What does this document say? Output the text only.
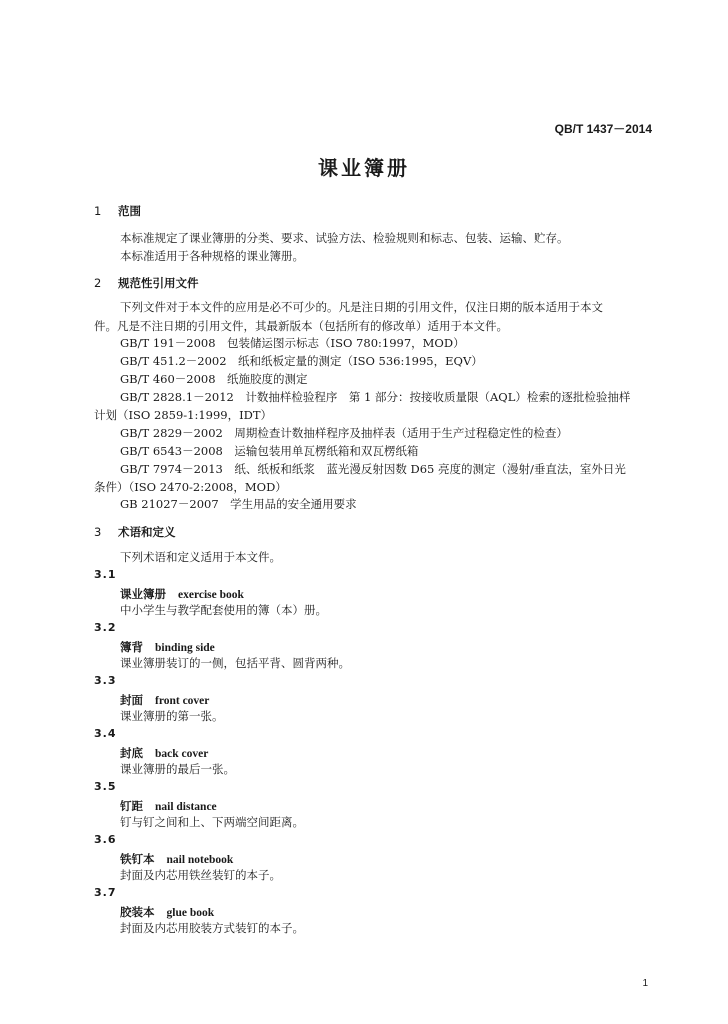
QB/T 1437－2014
课业簿册
1 范围
本标准规定了课业簿册的分类、要求、试验方法、检验规则和标志、包装、运输、贮存。
本标准适用于各种规格的课业簿册。
2 规范性引用文件
下列文件对于本文件的应用是必不可少的。凡是注日期的引用文件，仅注日期的版本适用于本文
件。凡是不注日期的引用文件，其最新版本（包括所有的修改单）适用于本文件。
GB/T 191－2008　包装储运图示标志（ISO 780:1997，MOD）
GB/T 451.2－2002　纸和纸板定量的测定（ISO 536:1995，EQV）
GB/T 460－2008　纸施胶度的测定
GB/T 2828.1－2012　计数抽样检验程序　第 1 部分：按接收质量限（AQL）检索的逐批检验抽样
计划（ISO 2859-1:1999，IDT）
GB/T 2829－2002　周期检查计数抽样程序及抽样表（适用于生产过程稳定性的检查）
GB/T 6543－2008　运输包装用单瓦楞纸箱和双瓦楞纸箱
GB/T 7974－2013　纸、纸板和纸浆　蓝光漫反射因数 D65 亮度的测定（漫射/垂直法，室外日光
条件）（ISO 2470-2:2008，MOD）
GB 21027－2007　学生用品的安全通用要求
3 术语和定义
下列术语和定义适用于本文件。
3.1
课业簿册 exercise book
中小学生与教学配套使用的簿（本）册。
3.2
簿背 binding side
课业簿册装订的一侧，包括平背、圆背两种。
3.3
封面 front cover
课业簿册的第一张。
3.4
封底 back cover
课业簿册的最后一张。
3.5
钉距 nail distance
钉与钉之间和上、下两端空间距离。
3.6
铁钉本 nail notebook
封面及内芯用铁丝装钉的本子。
3.7
胶装本 glue book
封面及内芯用胶装方式装钉的本子。
1
